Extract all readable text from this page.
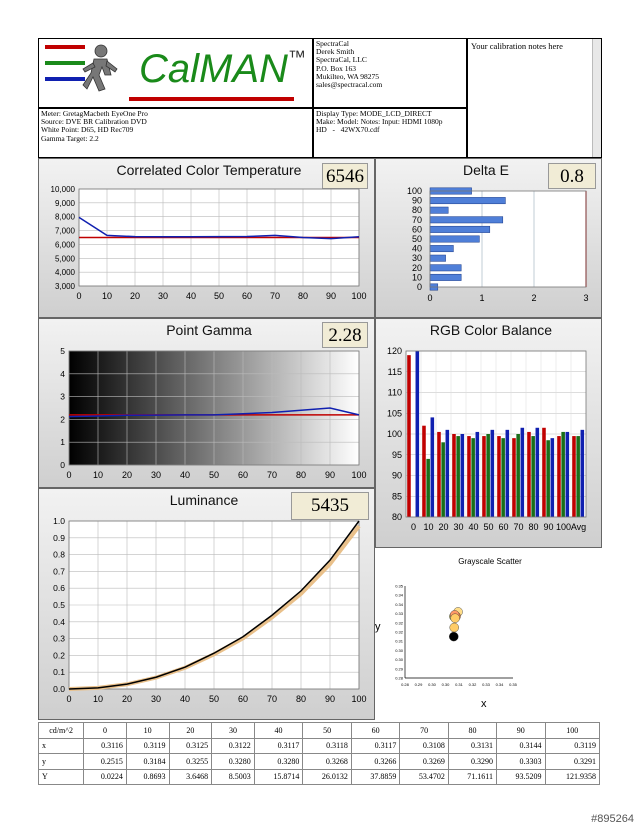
CalMAN™
SpectraCal
Derek Smith
SpectraCal, LLC
P.O. Box 163
Mukilteo, WA 98275
sales@spectracal.com
Your calibration notes here
Meter: GretagMacbeth EyeOne Pro
Source: DVE BR Calibration DVD
White Point: D65, HD Rec709
Gamma Target: 2.2
Display Type: MODE_LCD_DIRECT
Make: Model: Notes: Input: HDMI 1080p
HD   -   42WX70.cdf
Correlated Color Temperature	6546
10,000
9,000
8,000
7,000
6,000
5,000
4,000
3,000
0 10 20 30 40 50 60 70 80 90 100
Delta E	0.8
0	1	2	3
100
90
80
70
60
50
40
30
20
10
0
Point Gamma	2.28
5
4
3
2
1
0
0 10 20 30 40 50 60 70 80 90 100
RGB Color Balance
120
115
110
105
100
95
90
85
80
0 10 20 30 40 50 60 70 80 90 100 Avg
Luminance	5435
1.0
0.9
0.8
0.7
0.6
0.5
0.4
0.3
0.2
0.1
0.0
0 10 20 30 40 50 60 70 80 90 100
Grayscale Scatter
0.28 0.29 0.30 0.30 0.31 0.32 0.33 0.34 0.35
0.35
0.34
0.34
0.33
0.32
0.32
0.31
0.30
0.30
0.29
0.28
x
y
cd/m^2	0	10	20	30	40	50	60	70	80	90	100
x	0.3116	0.3119	0.3125	0.3122	0.3117	0.3118	0.3117	0.3108	0.3131	0.3144	0.3119
y	0.2515	0.3184	0.3255	0.3280	0.3280	0.3268	0.3266	0.3269	0.3290	0.3303	0.3291
Y	0.0224	0.8693	3.6468	8.5003	15.8714	26.0132	37.8859	53.4702	71.1611	93.5209	121.9358
#895264
